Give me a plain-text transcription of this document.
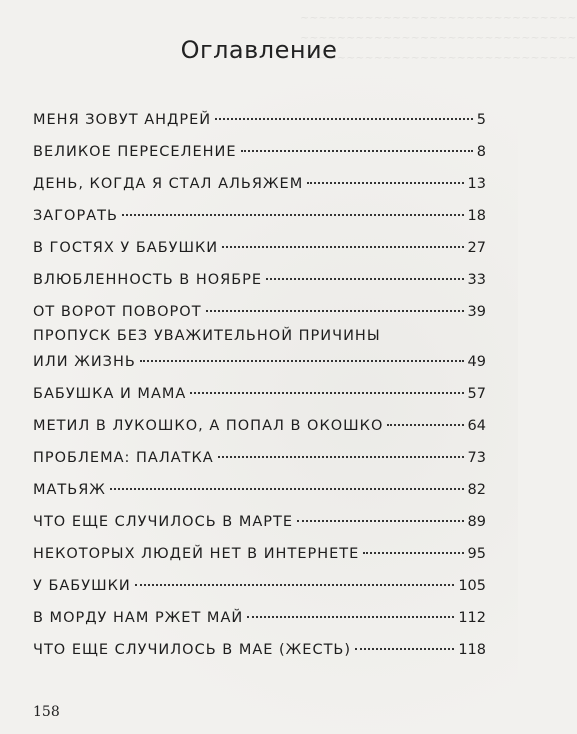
~~~~~~~~~~~~~~~~~~~~~~~~~~~~~~
~~~~~~~~~~~~~~~~~~~~~~~~~~~~~~
~~~~~~~~~~~~~~~~~~~~~~~~~~~~~~
Оглавление
МЕНЯ ЗОВУТ АНДРЕЙ	5
ВЕЛИКОЕ ПЕРЕСЕЛЕНИЕ	8
ДЕНЬ, КОГДА Я СТАЛ АЛЬЯЖЕМ	13
ЗАГОРАТЬ	18
В ГОСТЯХ У БАБУШКИ	27
ВЛЮБЛЕННОСТЬ В НОЯБРЕ	33
ОТ ВОРОТ ПОВОРОТ	39
ПРОПУСК БЕЗ УВАЖИТЕЛЬНОЙ ПРИЧИНЫ
ИЛИ ЖИЗНЬ	49
БАБУШКА И МАМА	57
МЕТИЛ В ЛУКОШКО, А ПОПАЛ В ОКОШКО	64
ПРОБЛЕМА: ПАЛАТКА	73
МАТЬЯЖ	82
ЧТО ЕЩЕ СЛУЧИЛОСЬ В МАРТЕ	89
НЕКОТОРЫХ ЛЮДЕЙ НЕТ В ИНТЕРНЕТЕ	95
У БАБУШКИ	105
В МОРДУ НАМ РЖЕТ МАЙ	112
ЧТО ЕЩЕ СЛУЧИЛОСЬ В МАЕ (ЖЕСТЬ)	118
158
